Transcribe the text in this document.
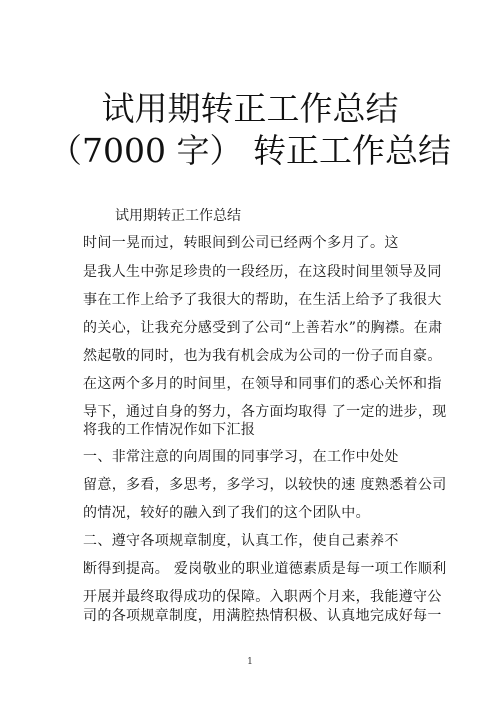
试用期转正工作总结
（7000 字） 转正工作总结
试用期转正工作总结
时间一晃而过，转眼间到公司已经两个多月了。这
是我人生中弥足珍贵的一段经历，在这段时间里领导及同
事在工作上给予了我很大的帮助，在生活上给予了我很大
的关心，让我充分感受到了公司“上善若水”的胸襟。在肃
然起敬的同时，也为我有机会成为公司的一份子而自豪。
在这两个多月的时间里，在领导和同事们的悉心关怀和指
导下，通过自身的努力，各方面均取得 了一定的进步，现
将我的工作情况作如下汇报
一、非常注意的向周围的同事学习，在工作中处处
留意，多看，多思考，多学习，以较快的速 度熟悉着公司
的情况，较好的融入到了我们的这个团队中。
二、遵守各项规章制度，认真工作，使自己素养不
断得到提高。 爱岗敬业的职业道德素质是每一项工作顺利
开展并最终取得成功的保障。入职两个月来，我能遵守公
司的各项规章制度，用满腔热情积极、认真地完成好每一
1
